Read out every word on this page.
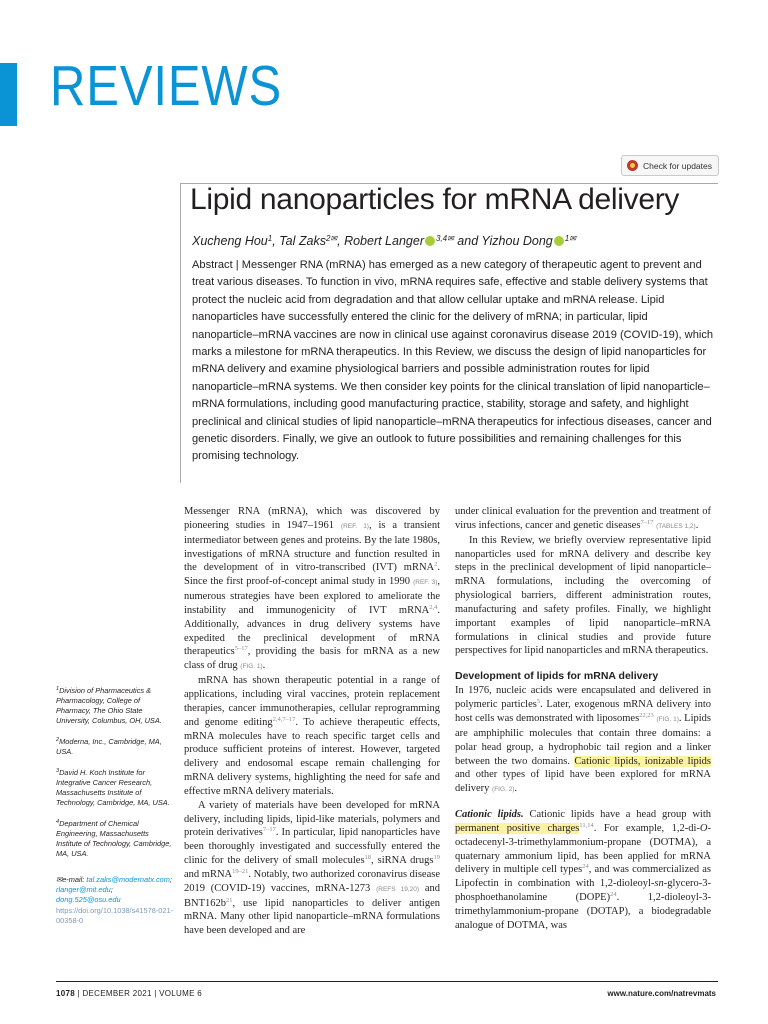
REVIEWS
Check for updates
Lipid nanoparticles for mRNA delivery
Xucheng Hou$^1$, Tal Zaks$^{2✉}$, Robert Langer $^{3,4✉}$ and Yizhou Dong $^{1✉}$

Abstract | Messenger RNA (mRNA) has emerged as a new category of therapeutic agent to prevent and treat various diseases. To function in vivo, mRNA requires safe, effective and stable delivery systems that protect the nucleic acid from degradation and that allow cellular uptake and mRNA release. Lipid nanoparticles have successfully entered the clinic for the delivery of mRNA; in particular, lipid nanoparticle–mRNA vaccines are now in clinical use against coronavirus disease 2019 (COVID-19), which marks a milestone for mRNA therapeutics. In this Review, we discuss the design of lipid nanoparticles for mRNA delivery and examine physiological barriers and possible administration routes for lipid nanoparticle–mRNA systems. We then consider key points for the clinical translation of lipid nanoparticle–mRNA formulations, including good manufacturing practice, stability, storage and safety, and highlight preclinical and clinical studies of lipid nanoparticle–mRNA therapeutics for infectious diseases, cancer and genetic disorders. Finally, we give an outlook to future possibilities and remaining challenges for this promising technology.

Messenger RNA (mRNA), which was discovered by pioneering studies in 1947–1961 (REF. 1), is a transient intermediator between genes and proteins. By the late 1980s, investigations of mRNA structure and function resulted in the development of in vitro-transcribed (IVT) mRNA$^2$. Since the first proof-of-concept animal study in 1990 (REF. 3), numerous strategies have been explored to ameliorate the instability and immunogenicity of IVT mRNA$^{2,4}$. Additionally, advances in drug delivery systems have expedited the preclinical development of mRNA therapeutics$^{5-17}$, providing the basis for mRNA as a new class of drug (FIG. 1).

mRNA has shown therapeutic potential in a range of applications, including viral vaccines, protein replacement therapies, cancer immunotherapies, cellular reprogramming and genome editing$^{2,4,7-17}$. To achieve therapeutic effects, mRNA molecules have to reach specific target cells and produce sufficient proteins of interest. However, targeted delivery and endosomal escape remain challenging for mRNA delivery systems, highlighting the need for safe and effective mRNA delivery materials.

A variety of materials have been developed for mRNA delivery, including lipids, lipid-like materials, polymers and protein derivatives$^{7-17}$. In particular, lipid nanoparticles have been thoroughly investigated and successfully entered the clinic for the delivery of small molecules$^{18}$, siRNA drugs$^{19}$ and mRNA$^{19-21}$. Notably, two authorized coronavirus disease 2019 (COVID-19) vaccines, mRNA-1273 (REFS 19,20) and $BNT162b^{21}$, use lipid nanoparticles to deliver antigen mRNA. Many other lipid nanoparticle–mRNA formulations have been developed and are

under clinical evaluation for the prevention and treatment of virus infections, cancer and genetic diseases$^{7-17}$ (TABLES 1,2).

In this Review, we briefly overview representative lipid nanoparticles used for mRNA delivery and describe key steps in the preclinical development of lipid nanoparticle–mRNA formulations, including the overcoming of physiological barriers, different administration routes, manufacturing and safety profiles. Finally, we highlight important examples of lipid nanoparticle–mRNA formulations in clinical studies and provide future perspectives for lipid nanoparticles and mRNA therapeutics.

Development of lipids for mRNA delivery

In 1976, nucleic acids were encapsulated and delivered in polymeric particles$^5$. Later, exogenous mRNA delivery into host cells was demonstrated with liposomes$^{22,23}$ (FIG. 1). Lipids are amphiphilic molecules that contain three domains: a polar head group, a hydrophobic tail region and a linker between the two domains. Cationic lipids, ionizable lipids and other types of lipid have been explored for mRNA delivery (FIG. 2).

Cationic lipids. Cationic lipids have a head group with permanent positive charges$^{11,14}$. For example, 1,2-di-O-octadecenyl-3-trimethylammonium-propane (DOTMA), a quaternary ammonium lipid, has been applied for mRNA delivery in multiple cell types$^{24}$, and was commercialized as Lipofectin in combination with 1,2-dioleoyl-sn-glycero-3-phosphoethanolamine (DOPE)$^{24}$. 1,2-dioleoyl-3-trimethylammonium-propane (DOTAP), a biodegradable analogue of DOTMA, was

$^1$Division of Pharmaceutics & Pharmacology, College of Pharmacy, The Ohio State University, Columbus, OH, USA.
$^2$Moderna, Inc., Cambridge, MA, USA.
$^3$David H. Koch Institute for Integrative Cancer Research, Massachusetts Institute of Technology, Cambridge, MA, USA.
$^4$Department of Chemical Engineering, Massachusetts Institute of Technology, Cambridge, MA, USA.
✉e-mail: tal.zaks@modernatx.com; rlanger@mit.edu; dong.525@osu.edu
https://doi.org/10.1038/s41578-021-00358-0
1078 | DECEMBER 2021 | VOLUME 6	www.nature.com/natrevmats
